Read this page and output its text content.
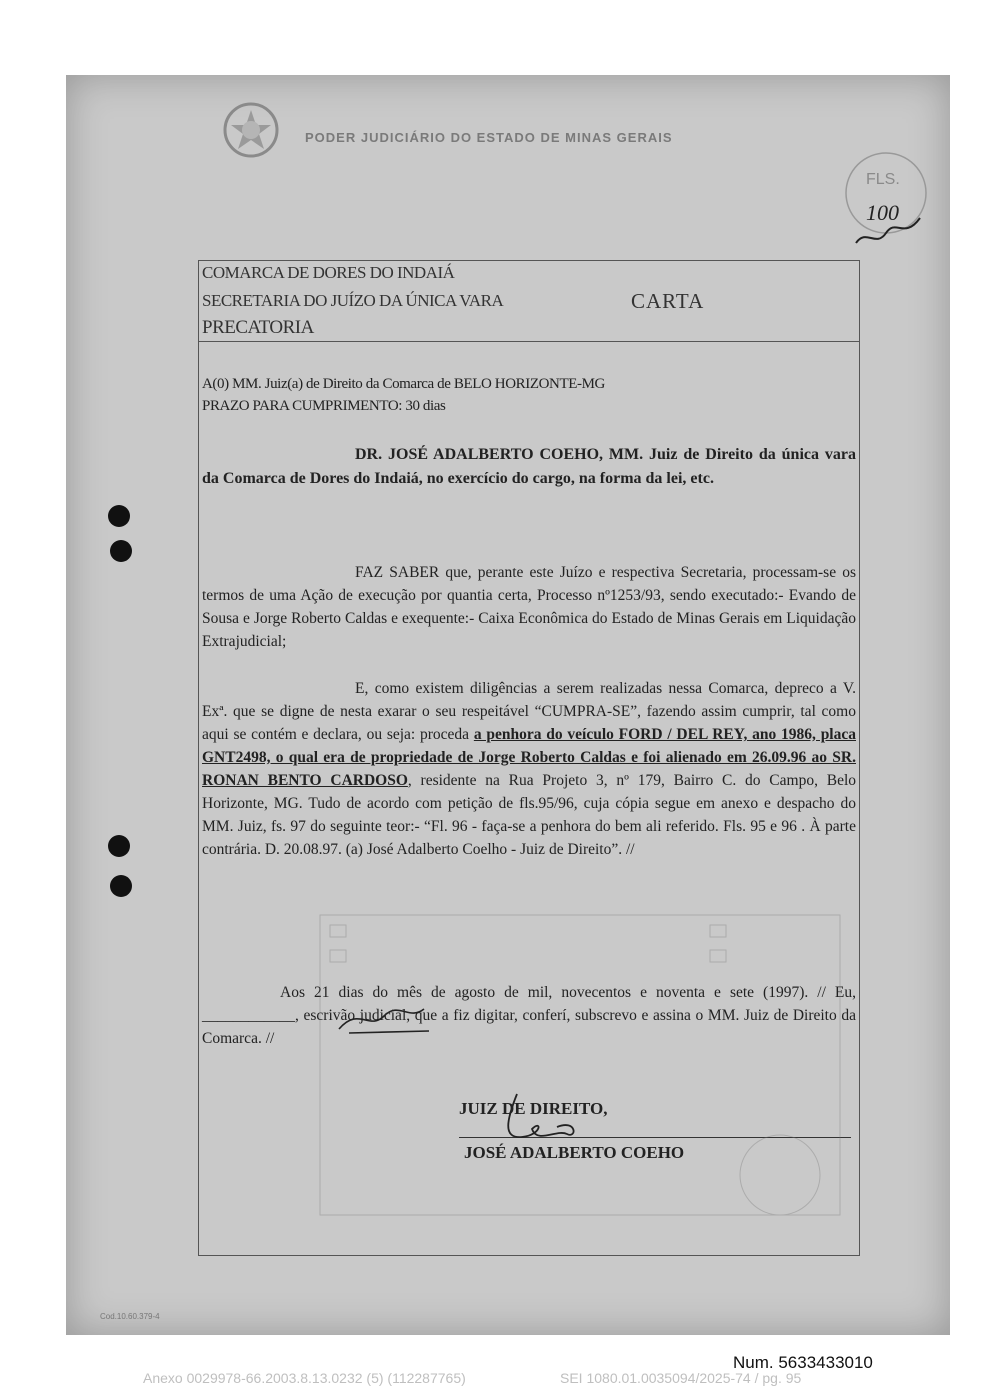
PODER JUDICIÁRIO DO ESTADO DE MINAS GERAIS
FLS.
100
COMARCA DE DORES DO INDAIÁ
SECRETARIA DO JUÍZO DA ÚNICA VARA
PRECATORIA
CARTA
A(0) MM. Juiz(a) de Direito da Comarca de BELO HORIZONTE-MG
PRAZO PARA CUMPRIMENTO: 30 dias
DR. JOSÉ ADALBERTO COEHO, MM. Juiz de Direito da única vara da Comarca de Dores do Indaiá, no exercício do cargo, na forma da lei, etc.
FAZ SABER que, perante este Juízo e respectiva Secretaria, processam-se os termos de uma Ação de execução por quantia certa, Processo nº1253/93, sendo executado:- Evando de Sousa e Jorge Roberto Caldas e exequente:- Caixa Econômica do Estado de Minas Gerais em Liquidação Extrajudicial;
E, como existem diligências a serem realizadas nessa Comarca, depreco a V. Exª. que se digne de nesta exarar o seu respeitável “CUMPRA-SE”, fazendo assim cumprir, tal como aqui se contém e declara, ou seja: proceda a penhora do veículo FORD / DEL REY, ano 1986, placa GNT2498, o qual era de propriedade de Jorge Roberto Caldas e foi alienado em 26.09.96 ao SR. RONAN BENTO CARDOSO, residente na Rua Projeto 3, nº 179, Bairro C. do Campo, Belo Horizonte, MG. Tudo de acordo com petição de fls.95/96, cuja cópia segue em anexo e despacho do MM. Juiz, fs. 97 do seguinte teor:- “Fl. 96 - faça-se a penhora do bem ali referido. Fls. 95 e 96 . À parte contrária. D. 20.08.97. (a) José Adalberto Coelho - Juiz de Direito”. //
Aos 21 dias do mês de agosto de mil, novecentos e noventa e sete (1997). // Eu, ____________, escrivão judicial, que a fiz digitar, conferí, subscrevo e assina o MM. Juiz de Direito da Comarca. //
JUIZ DE DIREITO,
JOSÉ ADALBERTO COEHO
Cod.10.60.379-4
Num. 5633433010
Anexo 0029978-66.2003.8.13.0232 (5) (112287765)	SEI 1080.01.0035094/2025-74 / pg. 95
